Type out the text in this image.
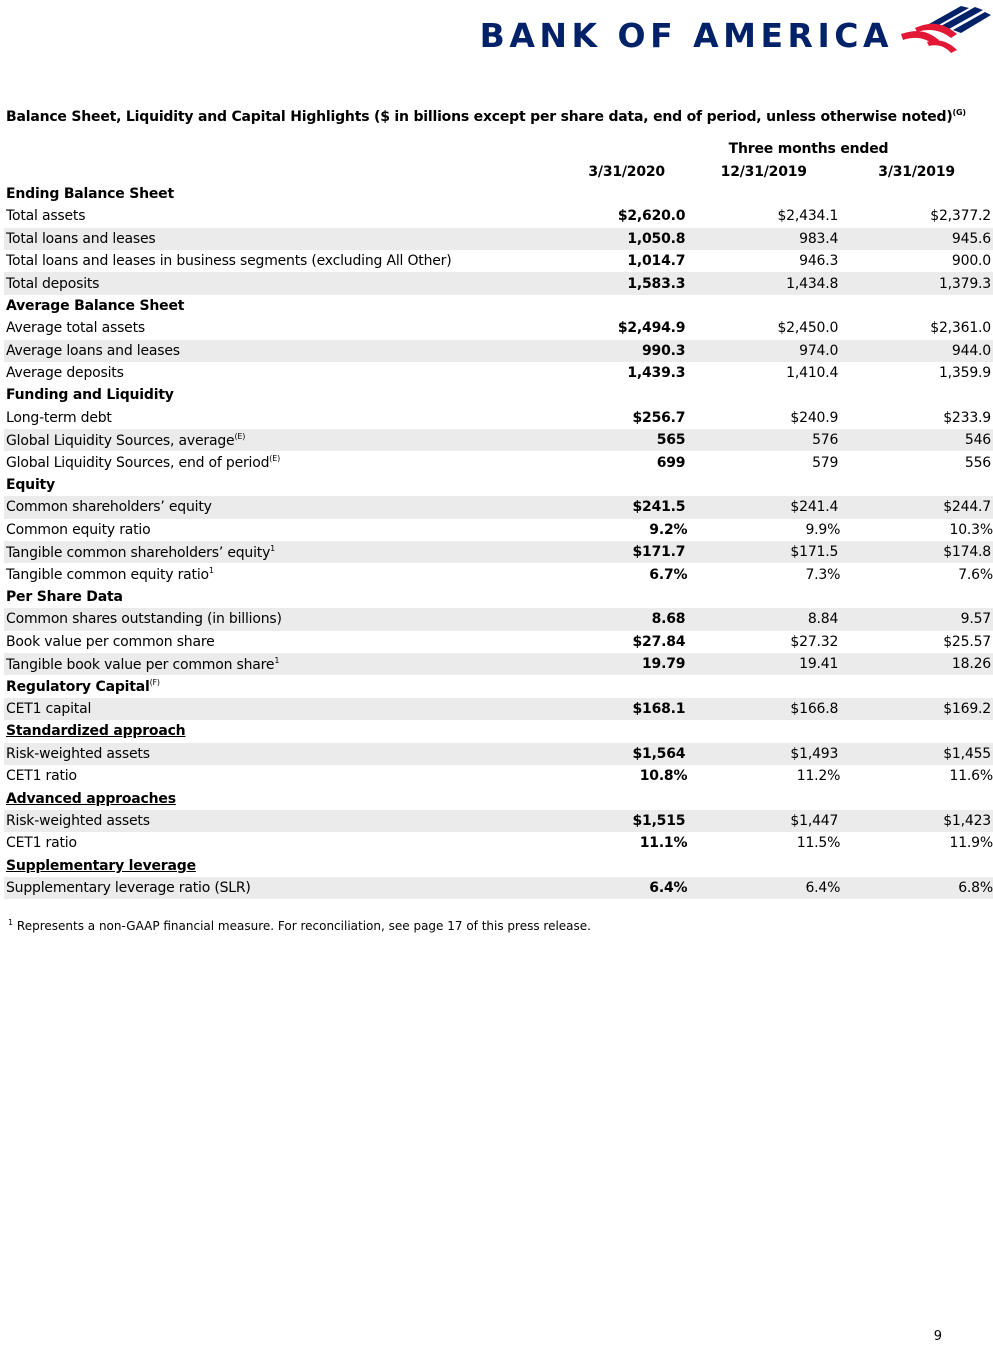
BANK OF AMERICA
Balance Sheet, Liquidity and Capital Highlights ($ in billions except per share data, end of period, unless otherwise noted)$^{(G)}$
	Three months ended		
	3/31/2020	12/31/2019	3/31/2019
Ending Balance Sheet			
Total assets	$2,620.0	$2,434.1	$2,377.2
Total loans and leases	1,050.8	983.4	945.6
Total loans and leases in business segments (excluding All Other)	1,014.7	946.3	900.0
Total deposits	1,583.3	1,434.8	1,379.3
Average Balance Sheet			
Average total assets	$2,494.9	$2,450.0	$2,361.0
Average loans and leases	990.3	974.0	944.0
Average deposits	1,439.3	1,410.4	1,359.9
Funding and Liquidity			
Long-term debt	$256.7	$240.9	$233.9
Global Liquidity Sources, average$^{(E)}$	565	576	546
Global Liquidity Sources, end of period$^{(E)}$	699	579	556
Equity			
Common shareholders’ equity	$241.5	$241.4	$244.7
Common equity ratio	9.2%	9.9%	10.3%
Tangible common shareholders’ equity$^1$	$171.7	$171.5	$174.8
Tangible common equity ratio$^1$	6.7%	7.3%	7.6%
Per Share Data			
Common shares outstanding (in billions)	8.68	8.84	9.57
Book value per common share	$27.84	$27.32	$25.57
Tangible book value per common share$^1$	19.79	19.41	18.26
Regulatory Capital$^{(F)}$			
CET1 capital	$168.1	$166.8	$169.2
Standardized approach			
Risk-weighted assets	$1,564	$1,493	$1,455
CET1 ratio	10.8%	11.2%	11.6%
Advanced approaches			
Risk-weighted assets	$1,515	$1,447	$1,423
CET1 ratio	11.1%	11.5%	11.9%
Supplementary leverage			
Supplementary leverage ratio (SLR)	6.4%	6.4%	6.8%
$^1$ Represents a non-GAAP financial measure. For reconciliation, see page 17 of this press release.
9
